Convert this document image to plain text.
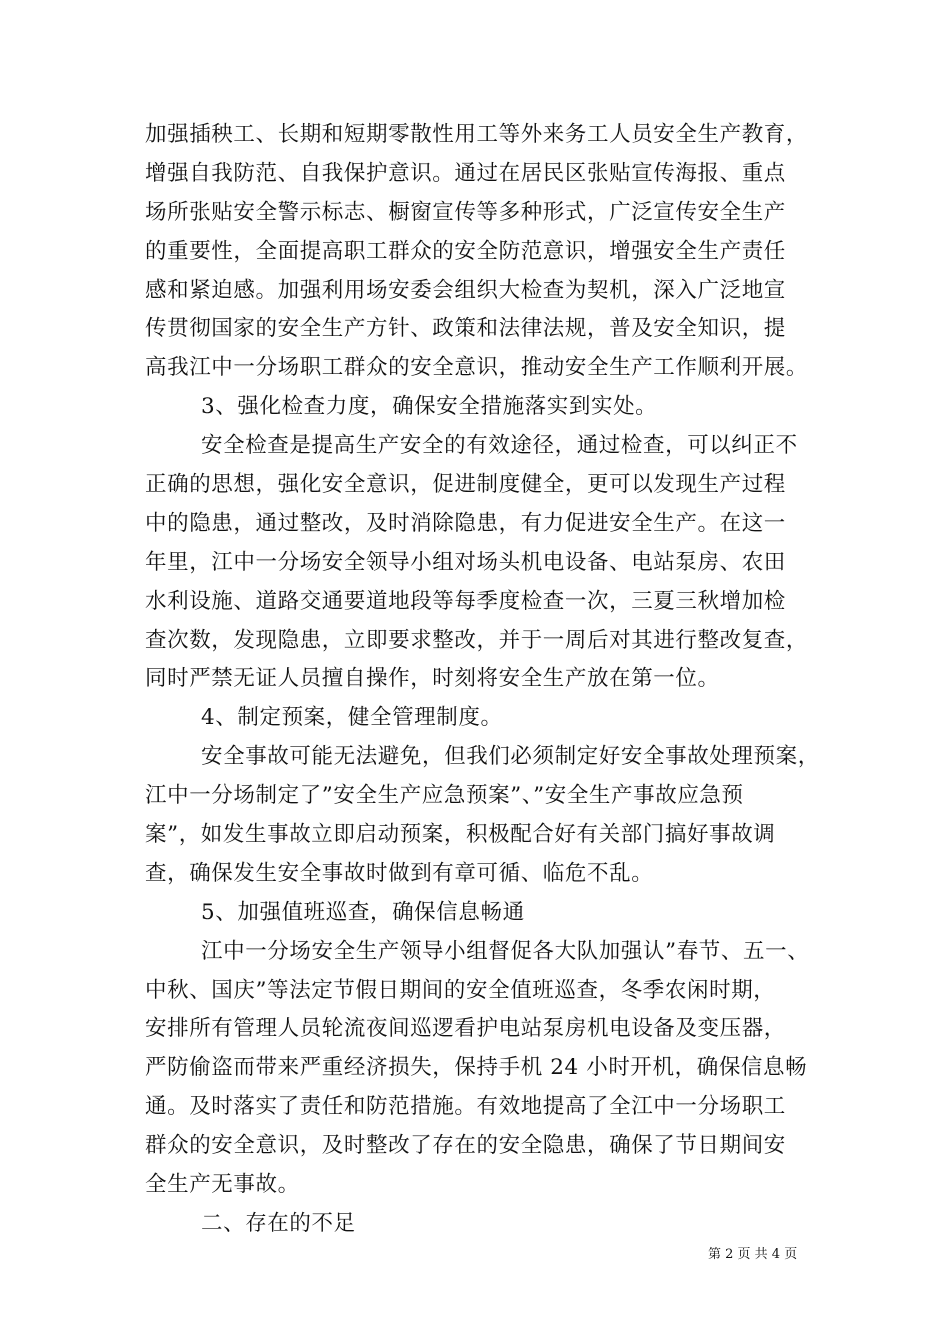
加强插秧工、长期和短期零散性用工等外来务工人员安全生产教育，
增强自我防范、自我保护意识。通过在居民区张贴宣传海报、重点
场所张贴安全警示标志、橱窗宣传等多种形式，广泛宣传安全生产
的重要性，全面提高职工群众的安全防范意识，增强安全生产责任
感和紧迫感。加强利用场安委会组织大检查为契机，深入广泛地宣
传贯彻国家的安全生产方针、政策和法律法规，普及安全知识，提
高我江中一分场职工群众的安全意识，推动安全生产工作顺利开展。
3、强化检查力度，确保安全措施落实到实处。
安全检查是提高生产安全的有效途径，通过检查，可以纠正不
正确的思想，强化安全意识，促进制度健全，更可以发现生产过程
中的隐患，通过整改，及时消除隐患，有力促进安全生产。在这一
年里，江中一分场安全领导小组对场头机电设备、电站泵房、农田
水利设施、道路交通要道地段等每季度检查一次，三夏三秋增加检
查次数，发现隐患，立即要求整改，并于一周后对其进行整改复查，
同时严禁无证人员擅自操作，时刻将安全生产放在第一位。
4、制定预案，健全管理制度。
安全事故可能无法避免，但我们必须制定好安全事故处理预案，
江中一分场制定了”安全生产应急预案”、”安全生产事故应急预
案”，如发生事故立即启动预案，积极配合好有关部门搞好事故调
查，确保发生安全事故时做到有章可循、临危不乱。
5、加强值班巡查，确保信息畅通
江中一分场安全生产领导小组督促各大队加强认”春节、五一、
中秋、国庆”等法定节假日期间的安全值班巡查，冬季农闲时期，
安排所有管理人员轮流夜间巡逻看护电站泵房机电设备及变压器，
严防偷盗而带来严重经济损失，保持手机 24 小时开机，确保信息畅
通。及时落实了责任和防范措施。有效地提高了全江中一分场职工
群众的安全意识，及时整改了存在的安全隐患，确保了节日期间安
全生产无事故。
二、存在的不足
第 2 页 共 4 页
